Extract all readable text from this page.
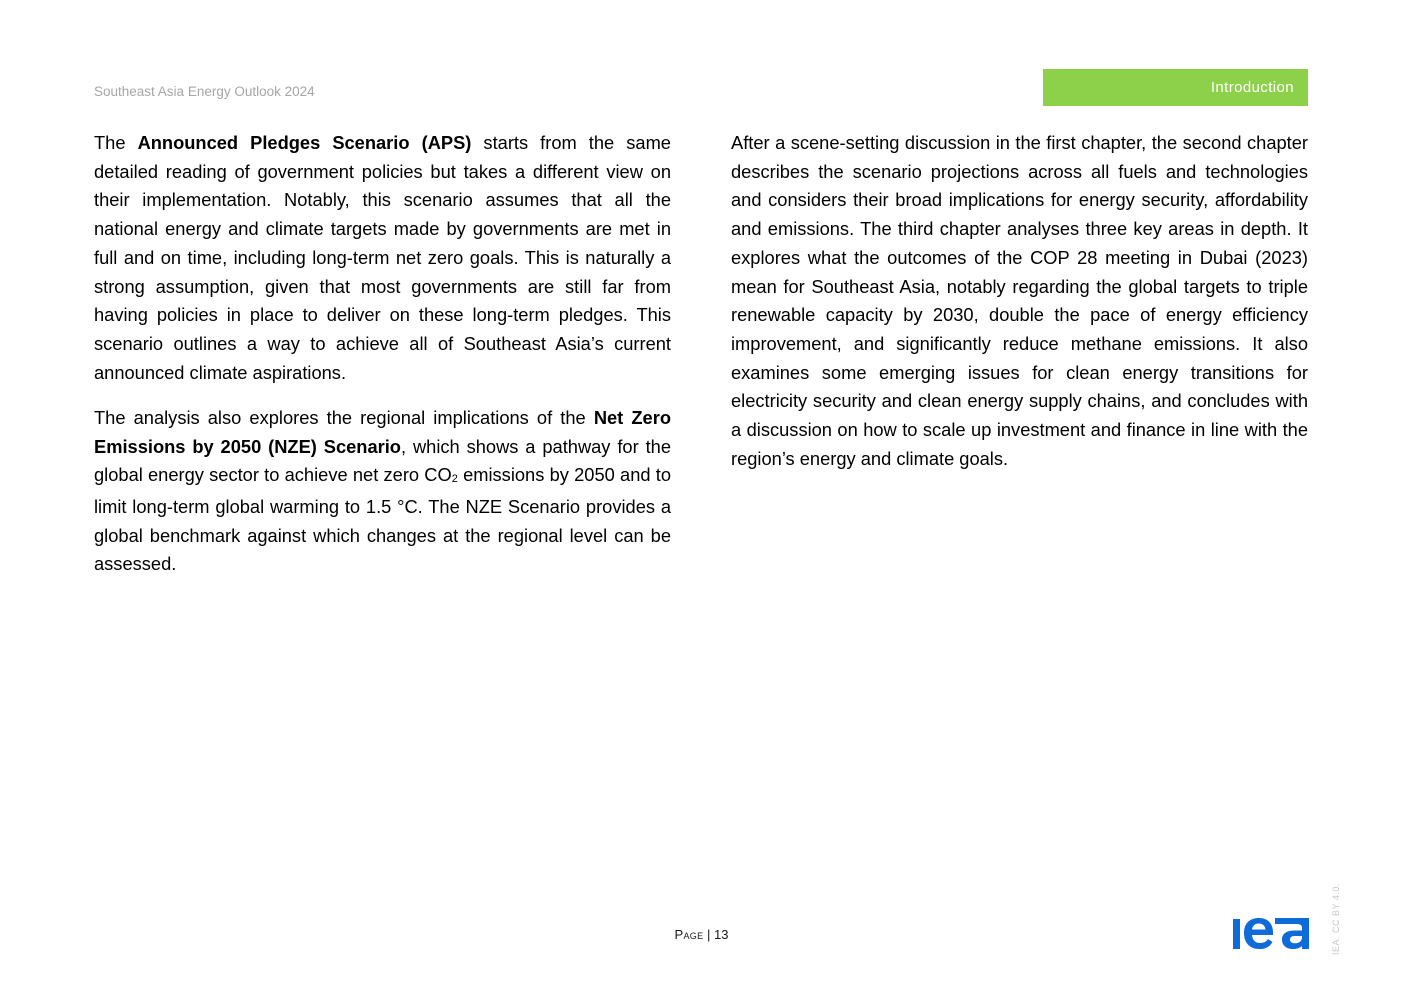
Southeast Asia Energy Outlook 2024	Introduction

The Announced Pledges Scenario (APS) starts from the same detailed reading of government policies but takes a different view on their implementation. Notably, this scenario assumes that all the national energy and climate targets made by governments are met in full and on time, including long-term net zero goals. This is naturally a strong assumption, given that most governments are still far from having policies in place to deliver on these long-term pledges. This scenario outlines a way to achieve all of Southeast Asia’s current announced climate aspirations.

The analysis also explores the regional implications of the Net Zero Emissions by 2050 (NZE) Scenario, which shows a pathway for the global energy sector to achieve net zero $CO_2$ emissions by 2050 and to limit long-term global warming to 1.5 °C. The NZE Scenario provides a global benchmark against which changes at the regional level can be assessed.

After a scene-setting discussion in the first chapter, the second chapter describes the scenario projections across all fuels and technologies and considers their broad implications for energy security, affordability and emissions. The third chapter analyses three key areas in depth. It explores what the outcomes of the COP 28 meeting in Dubai (2023) mean for Southeast Asia, notably regarding the global targets to triple renewable capacity by 2030, double the pace of energy efficiency improvement, and significantly reduce methane emissions. It also examines some emerging issues for clean energy transitions for electricity security and clean energy supply chains, and concludes with a discussion on how to scale up investment and finance in line with the region’s energy and climate goals.

Page | 13	IEA. CC BY 4.0.
